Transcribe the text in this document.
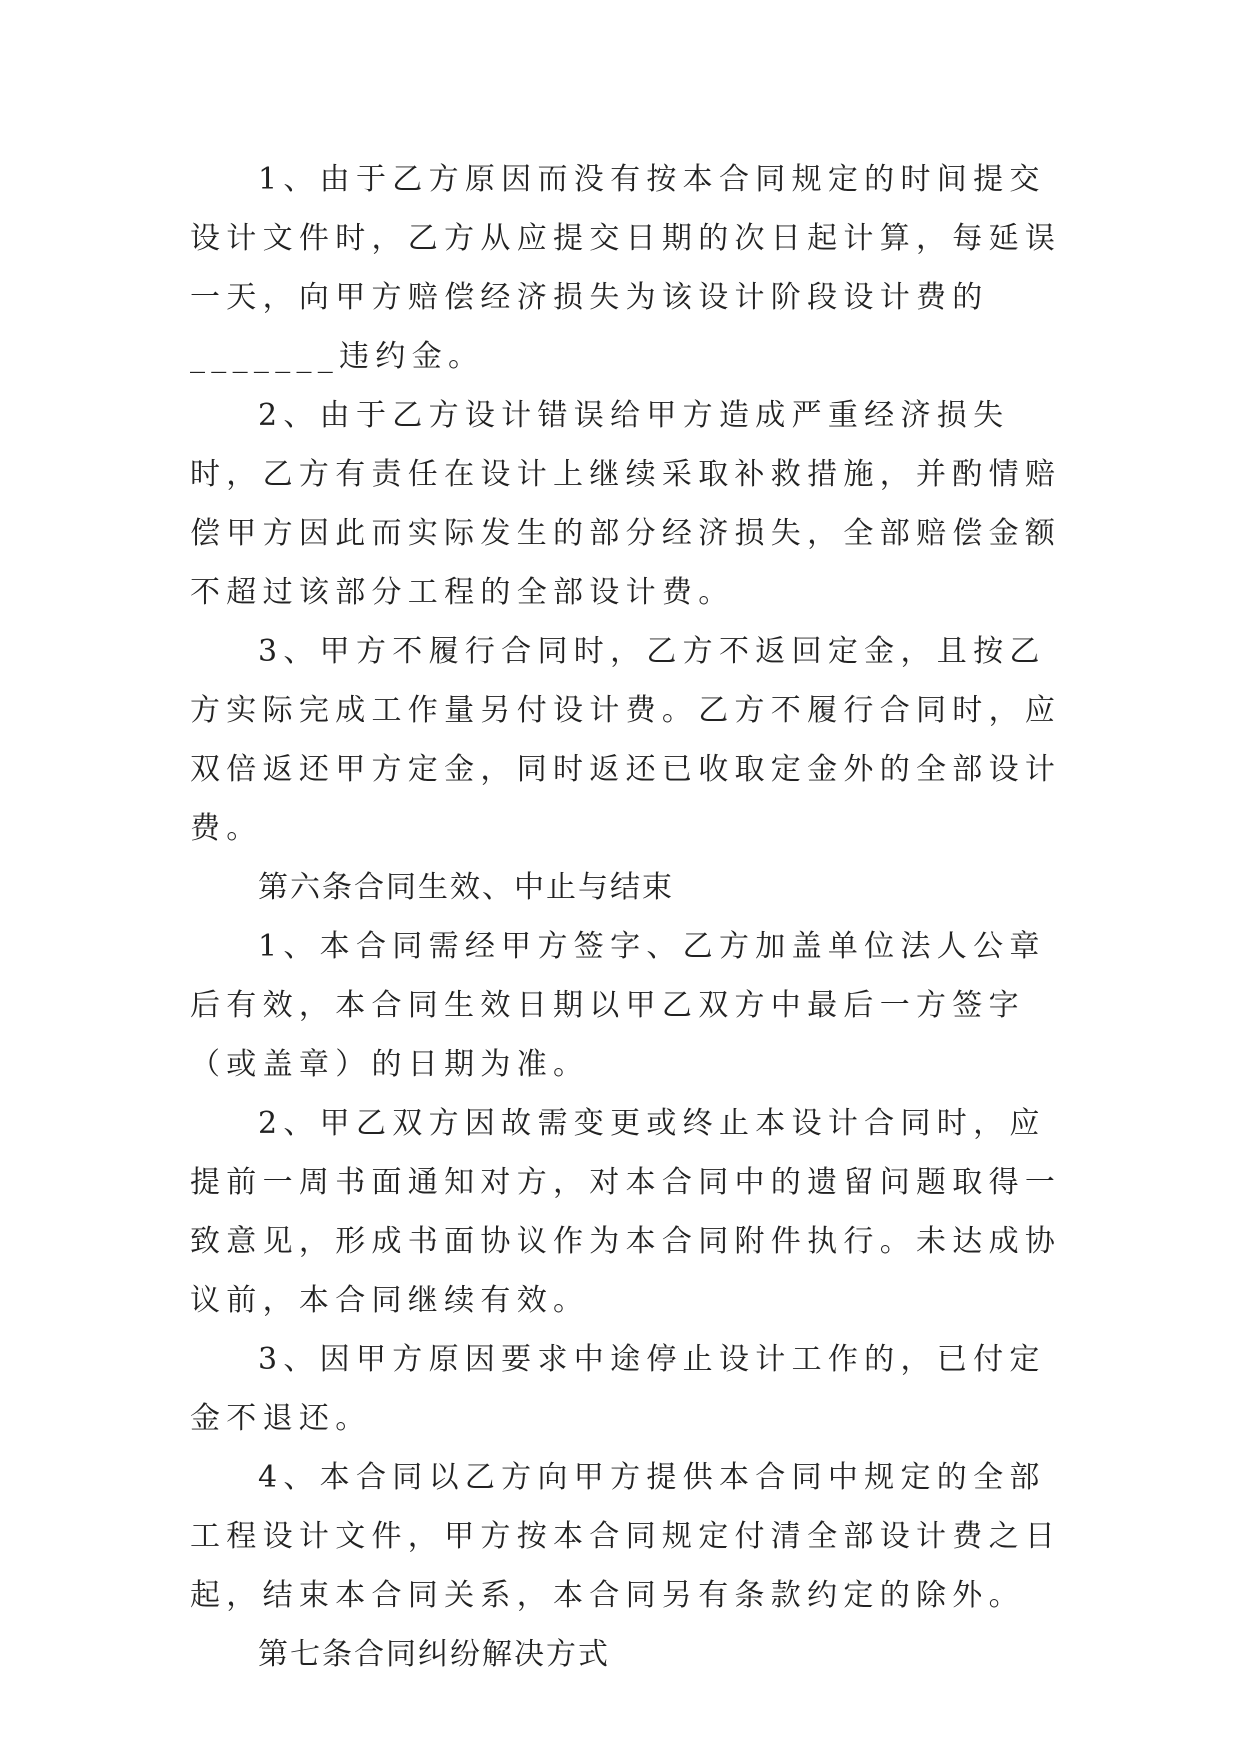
1、由于乙方原因而没有按本合同规定的时间提交设计文件时，乙方从应提交日期的次日起计算，每延误一天，向甲方赔偿经济损失为该设计阶段设计费的_______违约金。

2、由于乙方设计错误给甲方造成严重经济损失时，乙方有责任在设计上继续采取补救措施，并酌情赔偿甲方因此而实际发生的部分经济损失，全部赔偿金额不超过该部分工程的全部设计费。

3、甲方不履行合同时，乙方不返回定金，且按乙方实际完成工作量另付设计费。乙方不履行合同时，应双倍返还甲方定金，同时返还已收取定金外的全部设计费。

第六条合同生效、中止与结束

1、本合同需经甲方签字、乙方加盖单位法人公章后有效，本合同生效日期以甲乙双方中最后一方签字（或盖章）的日期为准。

2、甲乙双方因故需变更或终止本设计合同时，应提前一周书面通知对方，对本合同中的遗留问题取得一致意见，形成书面协议作为本合同附件执行。未达成协议前，本合同继续有效。

3、因甲方原因要求中途停止设计工作的，已付定金不退还。

4、本合同以乙方向甲方提供本合同中规定的全部工程设计文件，甲方按本合同规定付清全部设计费之日起，结束本合同关系，本合同另有条款约定的除外。

第七条合同纠纷解决方式
